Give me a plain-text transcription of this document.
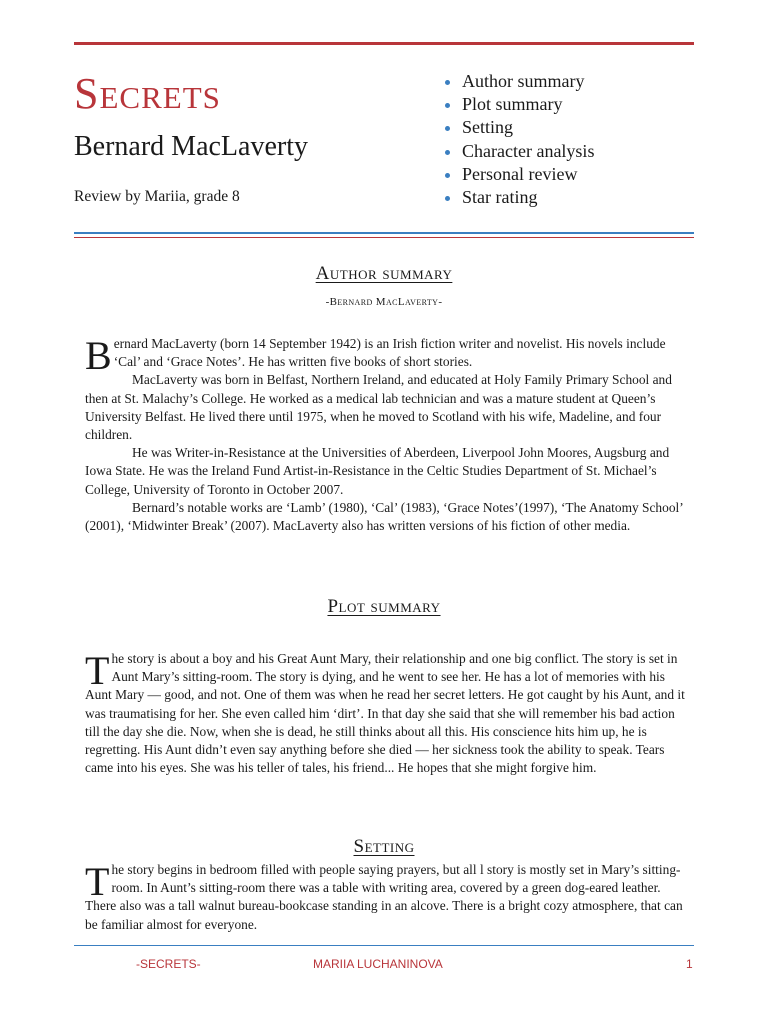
Secrets
Bernard MacLaverty
Review by Mariia, grade 8
Author summary
Plot summary
Setting
Character analysis
Personal review
Star rating
Author summary
-Bernard MacLaverty-

Bernard MacLaverty (born 14 September 1942) is an Irish fiction writer and novelist. His novels include ‘Cal’ and ‘Grace Notes’. He has written five books of short stories.

MacLaverty was born in Belfast, Northern Ireland, and educated at Holy Family Primary School and then at St. Malachy’s College. He worked as a medical lab technician and was a mature student at Queen’s University Belfast. He lived there until 1975, when he moved to Scotland with his wife, Madeline, and four children.

He was Writer-in-Resistance at the Universities of Aberdeen, Liverpool John Moores, Augsburg and Iowa State. He was the Ireland Fund Artist-in-Resistance in the Celtic Studies Department of St. Michael’s College, University of Toronto in October 2007.

Bernard’s notable works are ‘Lamb’ (1980), ‘Cal’ (1983), ‘Grace Notes’(1997), ‘The Anatomy School’ (2001), ‘Midwinter Break’ (2007). MacLaverty also has written versions of his fiction of other media.

Plot summary

The story is about a boy and his Great Aunt Mary, their relationship and one big conflict. The story is set in Aunt Mary’s sitting-room. The story is dying, and he went to see her. He has a lot of memories with his Aunt Mary — good, and not. One of them was when he read her secret letters. He got caught by his Aunt, and it was traumatising for her. She even called him ‘dirt’. In that day she said that she will remember his bad action till the day she die. Now, when she is dead, he still thinks about all this. His conscience hits him up, he is regretting. His Aunt didn’t even say anything before she died — her sickness took the ability to speak. Tears came into his eyes. She was his teller of tales, his friend... He hopes that she might forgive him.

Setting

The story begins in bedroom filled with people saying prayers, but all l story is mostly set in Mary’s sitting-room. In Aunt’s sitting-room there was a table with writing area, covered by a green dog-eared leather. There also was a tall walnut bureau-bookcase standing in an alcove. There is a bright cozy atmosphere, that can be familiar almost for everyone.

-SECRETS-	MARIIA LUCHANINOVA	1
